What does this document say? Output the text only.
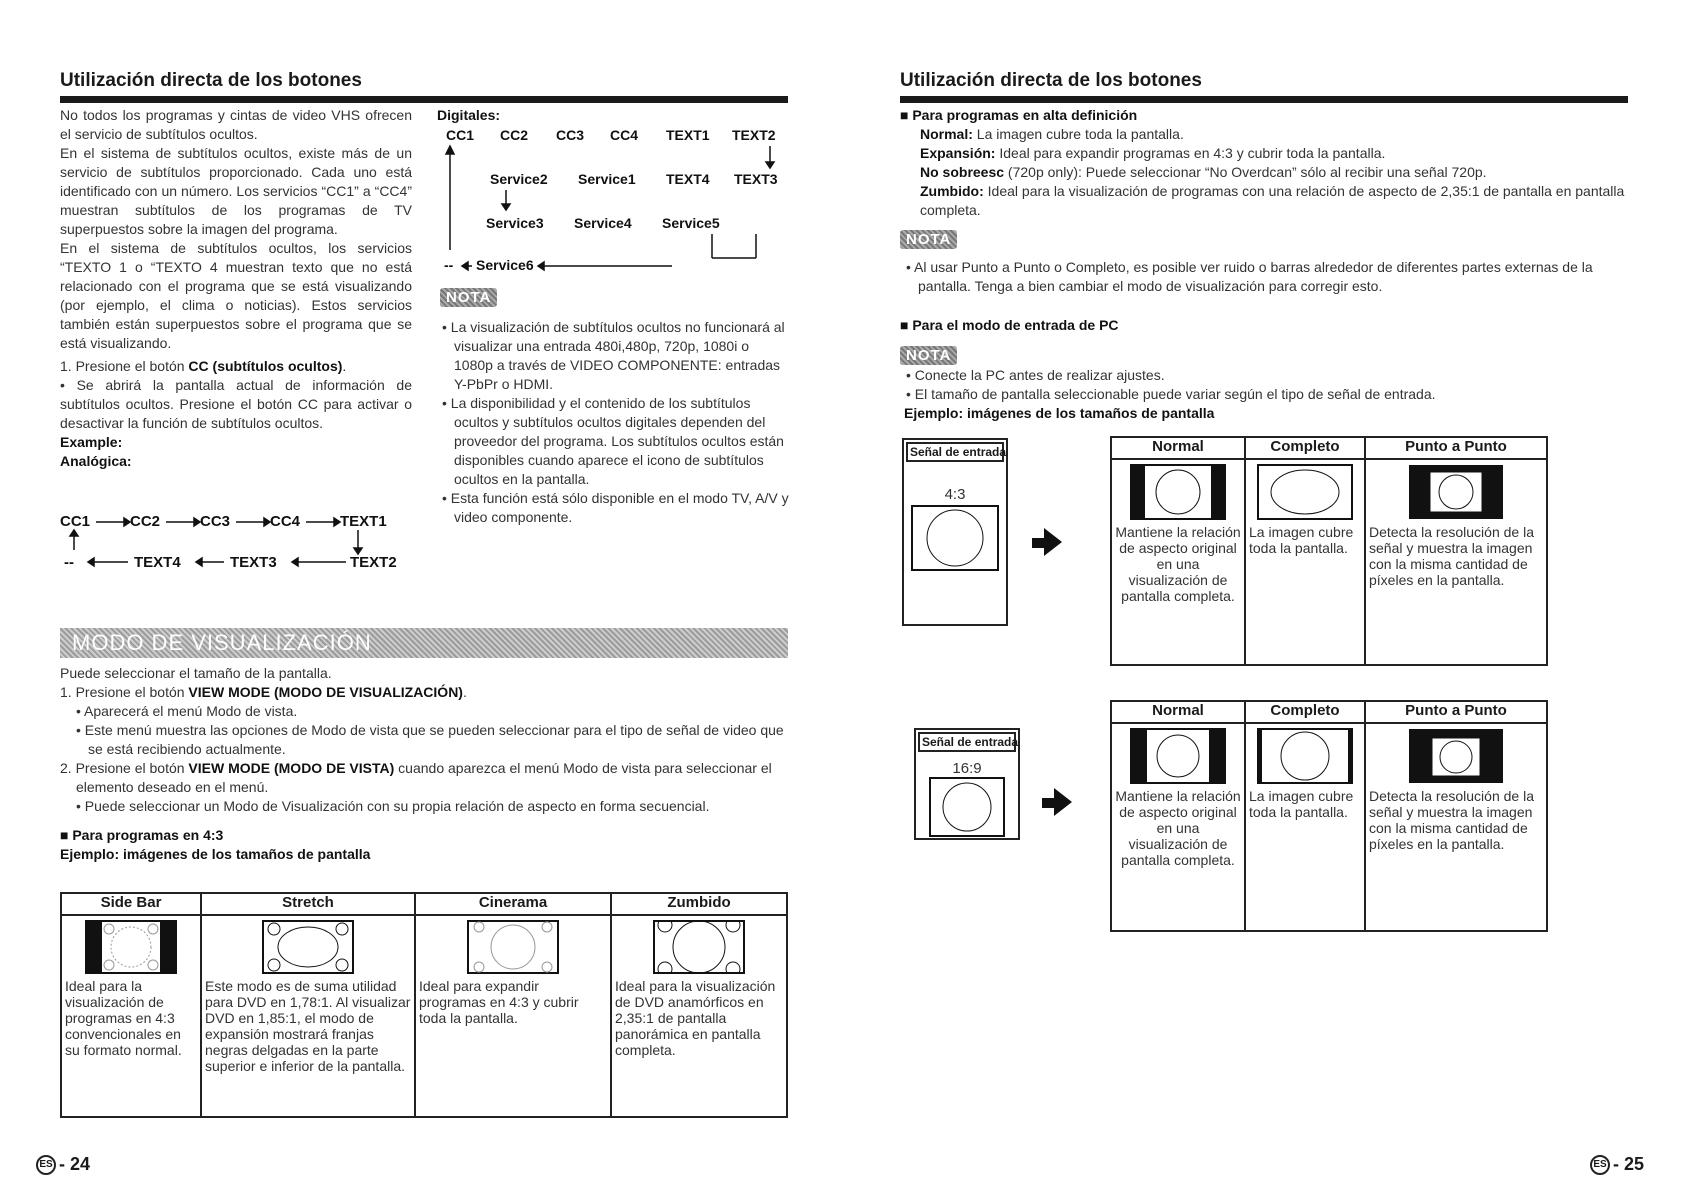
Utilización directa de los botones
No todos los programas y cintas de video VHS ofrecen el servicio de subtítulos ocultos.
En el sistema de subtítulos ocultos, existe más de un servicio de subtítulos proporcionado. Cada uno está identificado con un número. Los servicios “CC1” a “CC4” muestran subtítulos de los programas de TV superpuestos sobre la imagen del programa.
En el sistema de subtítulos ocultos, los servicios “TEXTO 1 o “TEXTO 4 muestran texto que no está relacionado con el programa que se está visualizando (por ejemplo, el clima o noticias). Estos servicios también están superpuestos sobre el programa que se está visualizando.
1. Presione el botón CC (subtítulos ocultos).
• Se abrirá la pantalla actual de información de subtítulos ocultos. Presione el botón CC para activar o desactivar la función de subtítulos ocultos.
Example:
Analógica:
CC1	CC2	CC3	CC4	TEXT1
TEXT4	TEXT3	TEXT2
--
Digitales:
CC1 CC2 CC3 CC4 TEXT1 TEXT2
Service2 Service1 TEXT4 TEXT3
Service3 Service4 Service5
Service6
--
NOTA
• La visualización de subtítulos ocultos no funcionará al visualizar una entrada 480i,480p, 720p, 1080i o 1080p a través de VIDEO COMPONENTE: entradas Y-PbPr o HDMI.
• La disponibilidad y el contenido de los subtítulos ocultos y subtítulos ocultos digitales dependen del proveedor del programa. Los subtítulos ocultos están disponibles cuando aparece el icono de subtítulos ocultos en la pantalla.
• Esta función está sólo disponible en el modo TV, A/V y video componente.
MODO DE VISUALIZACIÓN
Puede seleccionar el tamaño de la pantalla.
1. Presione el botón VIEW MODE (MODO DE VISUALIZACIÓN).
• Aparecerá el menú Modo de vista.
• Este menú muestra las opciones de Modo de vista que se pueden seleccionar para el tipo de señal de video que se está recibiendo actualmente.
2. Presione el botón VIEW MODE (MODO DE VISTA) cuando aparezca el menú Modo de vista para seleccionar el elemento deseado en el menú.
• Puede seleccionar un Modo de Visualización con su propia relación de aspecto en forma secuencial.
■ Para programas en 4:3
Ejemplo: imágenes de los tamaños de pantalla
Side Bar	Stretch	Cinerama	Zumbido

Ideal para la visualización de programas en 4:3 convencionales en su formato normal.	Este modo es de suma utilidad para DVD en 1,78:1. Al visualizar DVD en 1,85:1, el modo de expansión mostrará franjas negras delgadas en la parte superior e inferior de la pantalla.	Ideal para expandir programas en 4:3 y cubrir toda la pantalla.	Ideal para la visualización de DVD anamórficos en 2,35:1 de pantalla panorámica en pantalla completa.
ES - 24
Utilización directa de los botones
■ Para programas en alta definición
Normal: La imagen cubre toda la pantalla.
Expansión: Ideal para expandir programas en 4:3 y cubrir toda la pantalla.
No sobreesc (720p only): Puede seleccionar “No Overdcan” sólo al recibir una señal 720p.
Zumbido: Ideal para la visualización de programas con una relación de aspecto de 2,35:1 de pantalla en pantalla completa.
NOTA
• Al usar Punto a Punto o Completo, es posible ver ruido o barras alrededor de diferentes partes externas de la pantalla. Tenga a bien cambiar el modo de visualización para corregir esto.
■ Para el modo de entrada de PC
NOTA
• Conecte la PC antes de realizar ajustes.
• El tamaño de pantalla seleccionable puede variar según el tipo de señal de entrada.
Ejemplo: imágenes de los tamaños de pantalla
Señal de entrada
4:3
Normal	Completo	Punto a Punto

Mantiene la relación de aspecto original en una visualización de pantalla completa.	La imagen cubre toda la pantalla.	Detecta la resolución de la señal y muestra la imagen con la misma cantidad de píxeles en la pantalla.
Señal de entrada
16:9
Normal	Completo	Punto a Punto

Mantiene la relación de aspecto original en una visualización de pantalla completa.	La imagen cubre toda la pantalla.	Detecta la resolución de la señal y muestra la imagen con la misma cantidad de píxeles en la pantalla.
ES - 25
